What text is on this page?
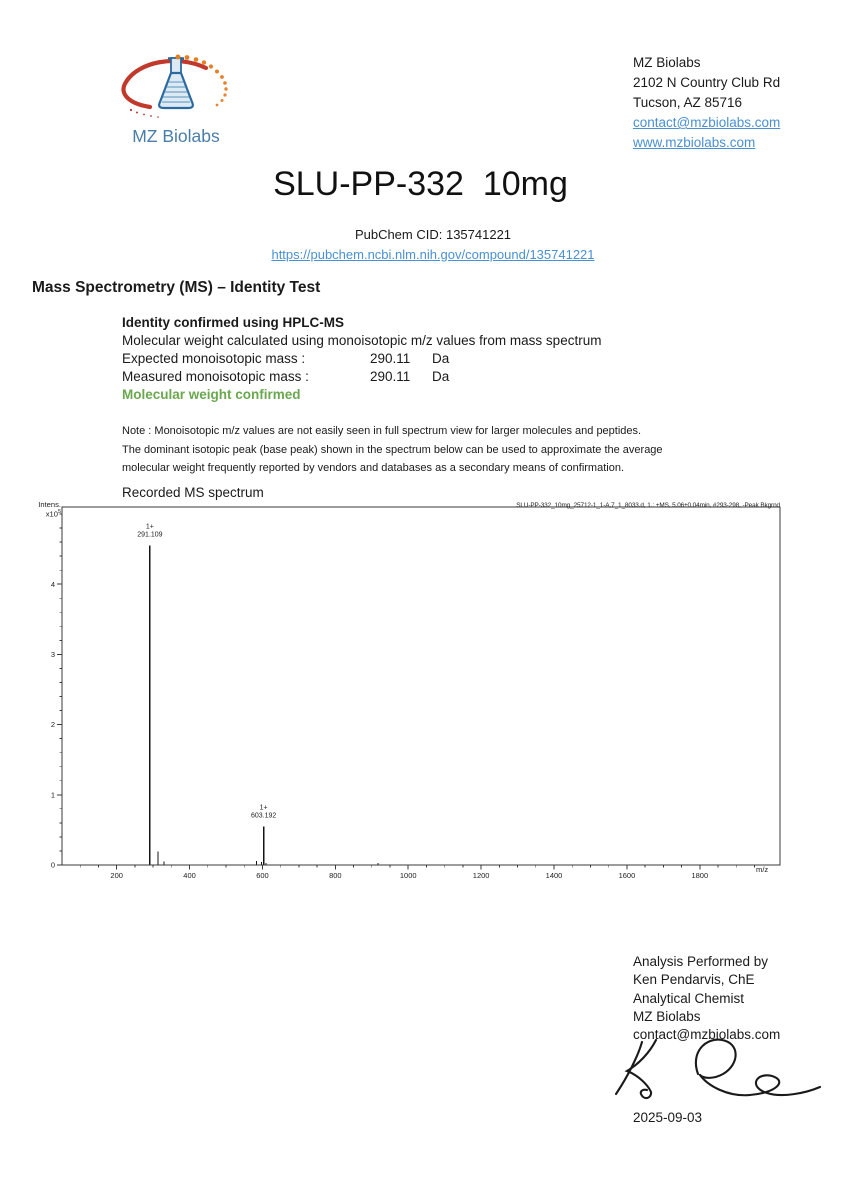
MZ Biolabs
MZ Biolabs
2102 N Country Club Rd
Tucson, AZ 85716
contact@mzbiolabs.com
www.mzbiolabs.com
SLU-PP-332  10mg
PubChem CID: 135741221
https://pubchem.ncbi.nlm.nih.gov/compound/135741221
Mass Spectrometry (MS) – Identity Test
Identity confirmed using HPLC-MS
Molecular weight calculated using monoisotopic m/z values from mass spectrum
Expected monoisotopic mass :	290.11	Da
Measured monoisotopic mass :	290.11	Da
Molecular weight confirmed
Note : Monoisotopic m/z values are not easily seen in full spectrum view for larger molecules and peptides.
The dominant isotopic peak (base peak) shown in the spectrum below can be used to approximate the average
molecular weight frequently reported by vendors and databases as a secondary means of confirmation.
Recorded MS spectrum
0
1
2
3
4
200	400	600	800	1000	1200	1400	1600	1800
291.109
1+
603.192
1+
SLU-PP-332_10mg_25712-1_1-A,7_1_8033.d, 1.: +MS, 5.06±0.04min, #293-298, -Peak Bkgrnd
Intens.
$x10^5$
m/z
Analysis Performed by
Ken Pendarvis, ChE
Analytical Chemist
MZ Biolabs
contact@mzbiolabs.com
2025-09-03
